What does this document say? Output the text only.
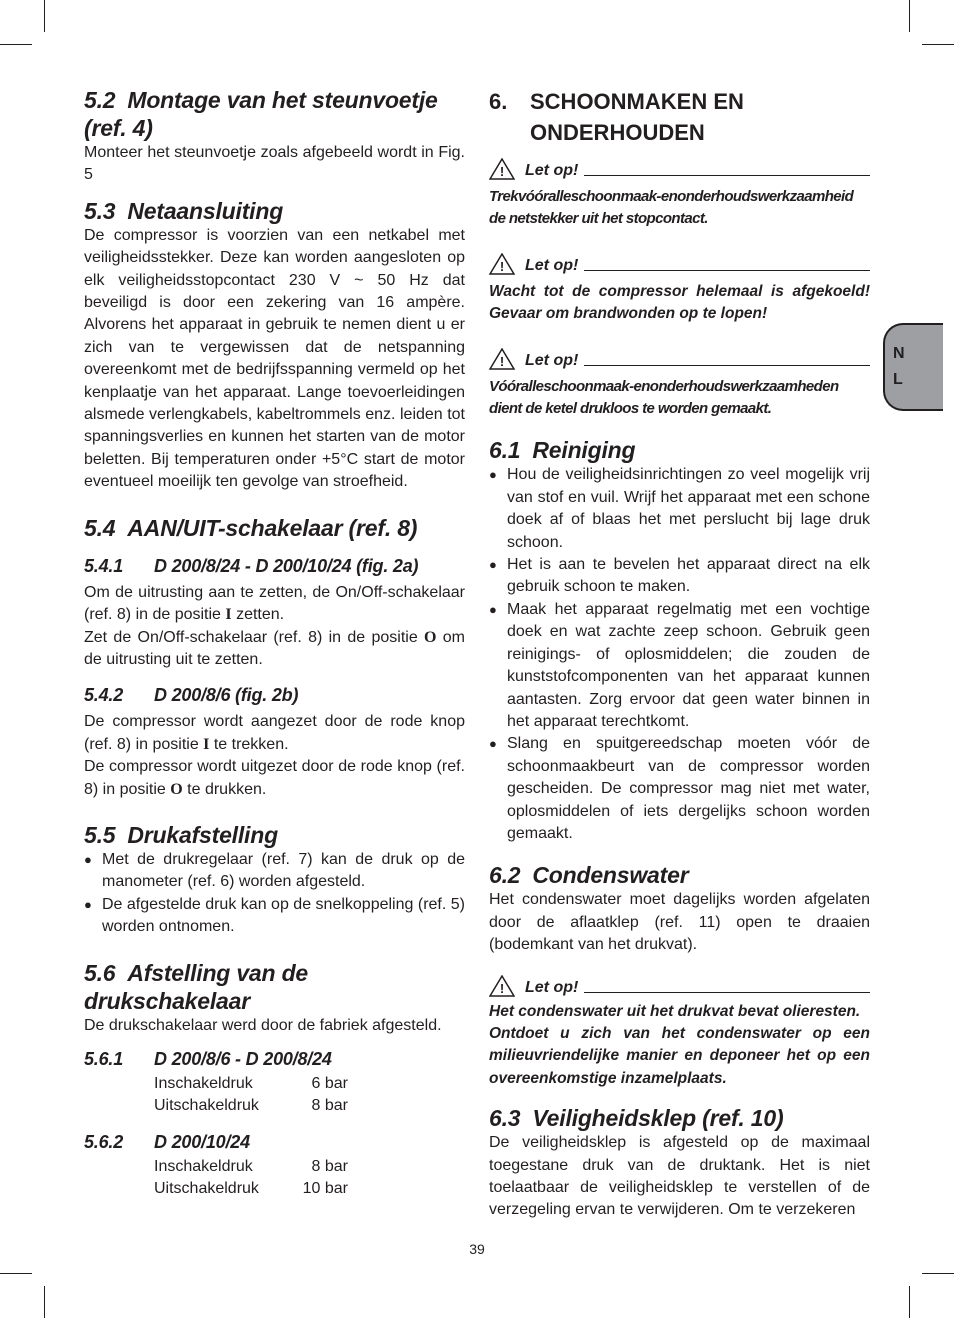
5.2 Montage van het steunvoetje (ref. 4)

Monteer het steunvoetje zoals afgebeeld wordt in Fig. 5

5.3 Netaansluiting

De compressor is voorzien van een netkabel met veiligheidsstekker. Deze kan worden aangesloten op elk veiligheidsstopcontact 230 V ~ 50 Hz dat beveiligd is door een zekering van 16 ampère. Alvorens het apparaat in gebruik te nemen dient u er zich van te vergewissen dat de netspanning overeenkomt met de bedrijfsspanning vermeld op het kenplaatje van het apparaat. Lange toevoerleidingen alsmede verlengkabels, kabeltrommels enz. leiden tot spanningsverlies en kunnen het starten van de motor beletten. Bij temperaturen onder +5°C start de motor eventueel moeilijk ten gevolge van stroefheid.

5.4 AAN/UIT-schakelaar (ref. 8)
5.4.1 D 200/8/24 - D 200/10/24 (fig. 2a)

Om de uitrusting aan te zetten, de On/Off-schakelaar (ref. 8) in de positie I zetten.

Zet de On/Off-schakelaar (ref. 8) in de positie O om de uitrusting uit te zetten.

5.4.2 D 200/8/6 (fig. 2b)

De compressor wordt aangezet door de rode knop (ref. 8) in positie I te trekken.

De compressor wordt uitgezet door de rode knop (ref. 8) in positie O te drukken.

5.5 Drukafstelling
● Met de drukregelaar (ref. 7) kan de druk op de manometer (ref. 6) worden afgesteld.
● De afgestelde druk kan op de snelkoppeling (ref. 5) worden ontnomen.
5.6 Afstelling van de drukschakelaar

De drukschakelaar werd door de fabriek afgesteld.

5.6.1 D 200/8/6 - D 200/8/24
Inschakeldruk	6 bar
Uitschakeldruk	8 bar
5.6.2 D 200/10/24
Inschakeldruk	8 bar
Uitschakeldruk	10 bar
6.	SCHOONMAKEN EN
ONDERHOUDEN
! Let op!
Trekvóóralleschoonmaak-enonderhoudswerkzaamheid de netstekker uit het stopcontact.
! Let op!
Wacht tot de compressor helemaal is afgekoeld! Gevaar om brandwonden op te lopen!
! Let op!
Vóóralleschoonmaak-enonderhoudswerkzaamheden dient de ketel drukloos te worden gemaakt.
6.1 Reiniging
● Hou de veiligheidsinrichtingen zo veel mogelijk vrij van stof en vuil. Wrijf het apparaat met een schone doek af of blaas het met perslucht bij lage druk schoon.
● Het is aan te bevelen het apparaat direct na elk gebruik schoon te maken.
● Maak het apparaat regelmatig met een vochtige doek en wat zachte zeep schoon. Gebruik geen reinigings- of oplosmiddelen; die zouden de kunststofcomponenten van het apparaat kunnen aantasten. Zorg ervoor dat geen water binnen in het apparaat terechtkomt.
● Slang en spuitgereedschap moeten vóór de schoonmaakbeurt van de compressor worden gescheiden. De compressor mag niet met water, oplosmiddelen of iets dergelijks schoon worden gemaakt.
6.2 Condenswater

Het condenswater moet dagelijks worden afgelaten door de aflaatklep (ref. 11) open te draaien (bodemkant van het drukvat).

! Let op!
Het condenswater uit het drukvat bevat olieresten.
Ontdoet u zich van het condenswater op een milieuvriendelijke manier en deponeer het op een overeenkomstige inzamelplaats.
6.3 Veiligheidsklep (ref. 10)

De veiligheidsklep is afgesteld op de maximaal toegestane druk van de druktank. Het is niet toelaatbaar de veiligheidsklep te verstellen of de verzegeling ervan te verwijderen. Om te verzekeren

N
L
39
